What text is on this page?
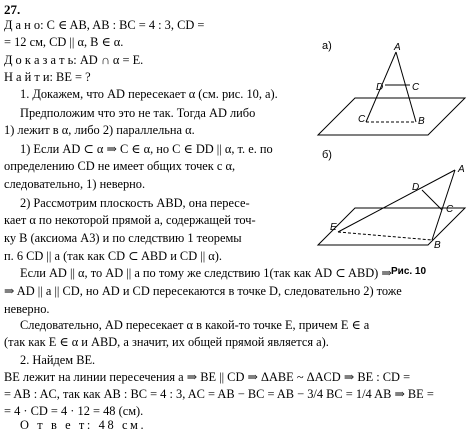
27.
Д а н о: C ∈ AB, AB : BC = 4 : 3, CD =
= 12 см, CD || α, B ∈ α.
Д о к а з а т ь: AD ∩ α = E.
Н а й т и: BE = ?
1. Докажем, что AD пересекает α (см. рис. 10, а).
Предположим что это не так. Тогда AD либо
1) лежит в α, либо 2) параллельна α.
1) Если AD ⊂ α ⇒ C ∈ α, но C ∈ DD || α, т. е. по
определению CD не имеет общих точек с α,
следовательно, 1) неверно.
2) Рассмотрим плоскость ABD, она пересе-
кает α по некоторой прямой a, содержащей точ-
ку B (аксиома А3) и по следствию 1 теоремы
п. 6 CD || a (так как CD ⊂ ABD и CD || α).
Если AD || α, то AD || a по тому же следствию 1(так как AD ⊂ ABD) ⇒
⇒ AD || a || CD, но AD и CD пересекаются в точке D, следовательно 2) тоже
неверно.
Следовательно, AD пересекает α в какой-то точке E, причем E ∈ a
(так как E ∈ α и ABD, а значит, их общей прямой является a).
2. Найдем BE.
BE лежит на линии пересечения a ⇒ BE || CD ⇒ ΔABE ~ ΔACD ⇒ BE : CD =
= AB : AC, так как AB : BC = 4 : 3, AC = AB − BC = AB − 3/4 BC = 1/4 AB ⇒ BE =
= 4 · CD = 4 · 12 = 48 (см).
О т в е т: 48 см.
а)	A
D	C
C	B
б)
A
D
C
E
B
Рис. 10
